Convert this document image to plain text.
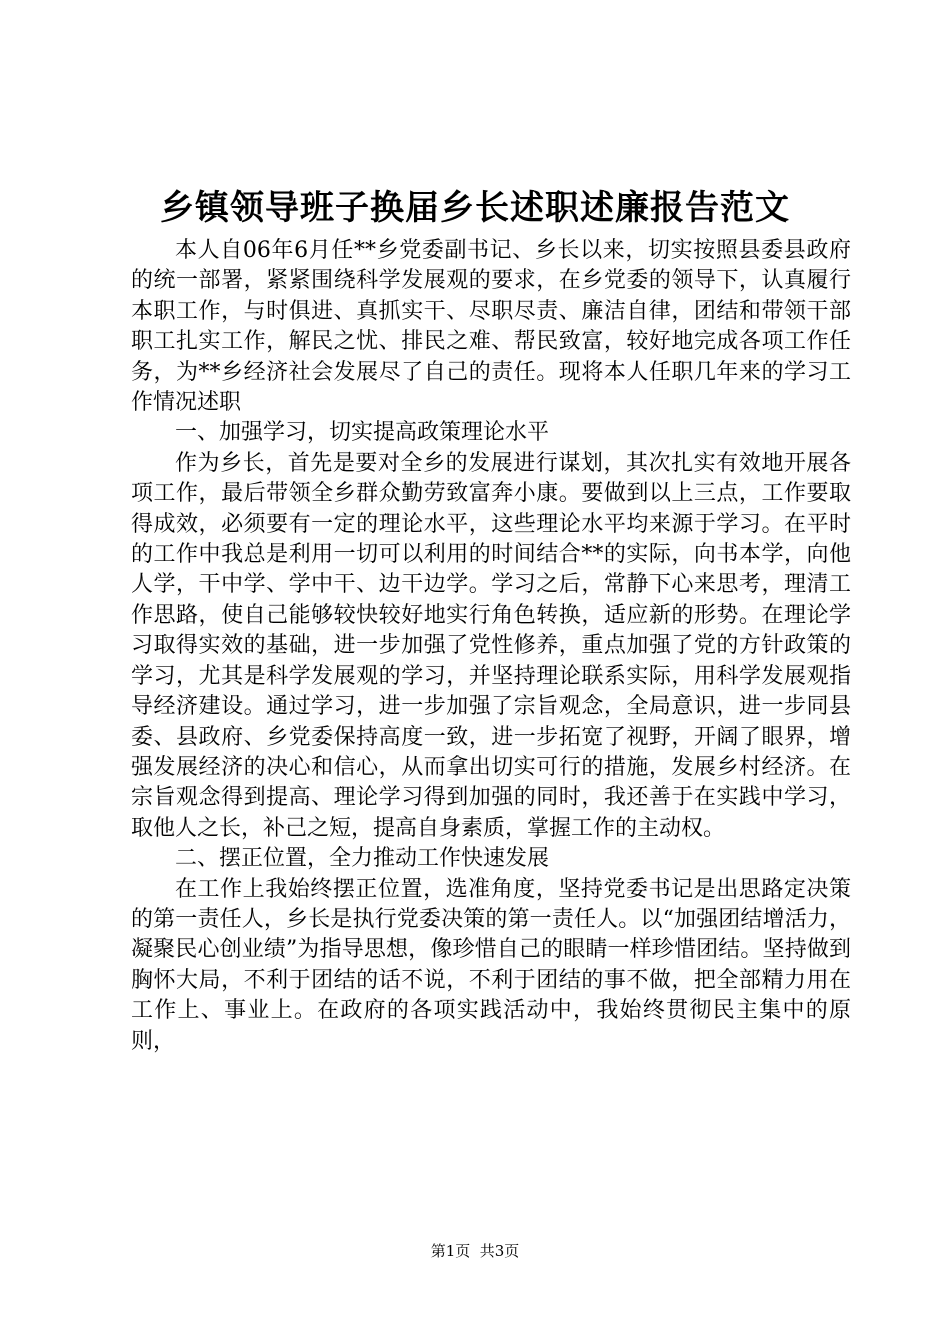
乡镇领导班子换届乡长述职述廉报告范文

本人自06年6月任**乡党委副书记、乡长以来，切实按照县委县政府的统一部署，紧紧围绕科学发展观的要求，在乡党委的领导下，认真履行本职工作，与时俱进、真抓实干、尽职尽责、廉洁自律，团结和带领干部职工扎实工作，解民之忧、排民之难、帮民致富，较好地完成各项工作任务，为**乡经济社会发展尽了自己的责任。现将本人任职几年来的学习工作情况述职

一、加强学习，切实提高政策理论水平

作为乡长，首先是要对全乡的发展进行谋划，其次扎实有效地开展各项工作，最后带领全乡群众勤劳致富奔小康。要做到以上三点，工作要取得成效，必须要有一定的理论水平，这些理论水平均来源于学习。在平时的工作中我总是利用一切可以利用的时间结合**的实际，向书本学，向他人学，干中学、学中干、边干边学。学习之后，常静下心来思考，理清工作思路，使自己能够较快较好地实行角色转换，适应新的形势。在理论学习取得实效的基础，进一步加强了党性修养，重点加强了党的方针政策的学习，尤其是科学发展观的学习，并坚持理论联系实际，用科学发展观指导经济建设。通过学习，进一步加强了宗旨观念，全局意识，进一步同县委、县政府、乡党委保持高度一致，进一步拓宽了视野，开阔了眼界，增强发展经济的决心和信心，从而拿出切实可行的措施，发展乡村经济。在宗旨观念得到提高、理论学习得到加强的同时，我还善于在实践中学习，取他人之长，补己之短，提高自身素质，掌握工作的主动权。

二、摆正位置，全力推动工作快速发展

在工作上我始终摆正位置，选准角度，坚持党委书记是出思路定决策的第一责任人，乡长是执行党委决策的第一责任人。以“加强团结增活力，凝聚民心创业绩”为指导思想，像珍惜自己的眼睛一样珍惜团结。坚持做到胸怀大局，不利于团结的话不说，不利于团结的事不做，把全部精力用在工作上、事业上。在政府的各项实践活动中，我始终贯彻民主集中的原则，

第1页  共3页
